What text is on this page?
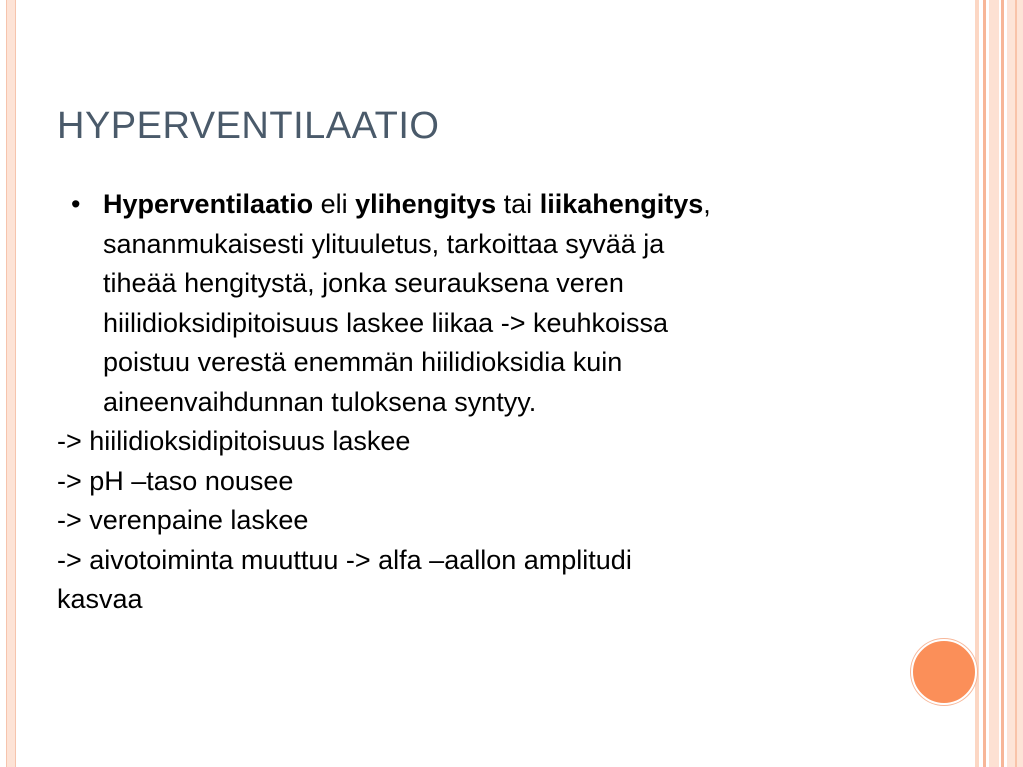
HYPERVENTILAATIO
• Hyperventilaatio eli ylihengitys tai liikahengitys,
sananmukaisesti ylituuletus, tarkoittaa syvää ja
tiheää hengitystä, jonka seurauksena veren
hiilidioksidipitoisuus laskee liikaa -> keuhkoissa
poistuu verestä enemmän hiilidioksidia kuin
aineenvaihdunnan tuloksena syntyy.

-> hiilidioksidipitoisuus laskee

-> pH –taso nousee

-> verenpaine laskee

-> aivotoiminta muuttuu -> alfa –aallon amplitudi

kasvaa
